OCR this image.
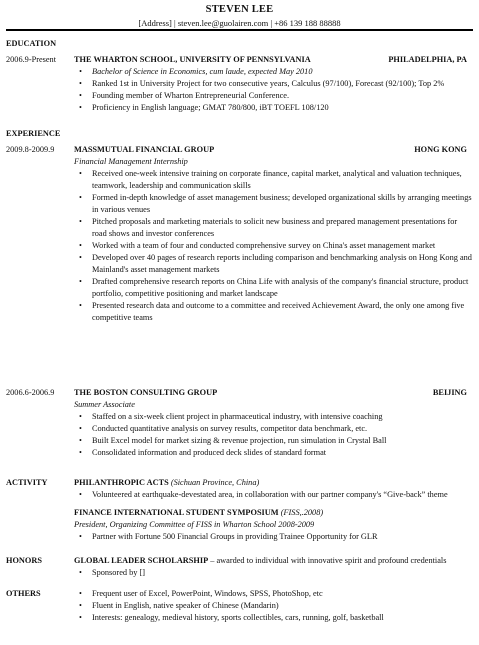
STEVEN LEE
[Address] | steven.lee@guolairen.com | +86 139 188 88888
EDUCATION
2006.9-Present	THE WHARTON SCHOOL, UNIVERSITY OF PENNSYLVANIA	PHILADELPHIA, PA
• Bachelor of Science in Economics, cum laude, expected May 2010
• Ranked 1st in University Project for two consecutive years, Calculus (97/100), Forecast (92/100); Top 2%
• Founding member of Wharton Entrepreneurial Conference.
• Proficiency in English language; GMAT 780/800, iBT TOEFL 108/120
EXPERIENCE
2009.8-2009.9	MASSMUTUAL FINANCIAL GROUP	HONG KONG
Financial Management Internship
• Received one-week intensive training on corporate finance, capital market, analytical and valuation techniques, teamwork, leadership and communication skills
• Formed in-depth knowledge of asset management business; developed organizational skills by arranging meetings in various venues
• Pitched proposals and marketing materials to solicit new business and prepared management presentations for road shows and investor conferences
• Worked with a team of four and conducted comprehensive survey on China's asset management market
• Developed over 40 pages of research reports including comparison and benchmarking analysis on Hong Kong and Mainland's asset management markets
• Drafted comprehensive research reports on China Life with analysis of the company's financial structure, product portfolio, competitive positioning and market landscape
• Presented research data and outcome to a committee and received Achievement Award, the only one among five competitive teams
2006.6-2006.9	THE BOSTON CONSULTING GROUP	BEIJING
Summer Associate
• Staffed on a six-week client project in pharmaceutical industry, with intensive coaching
• Conducted quantitative analysis on survey results, competitor data benchmark, etc.
• Built Excel model for market sizing & revenue projection, run simulation in Crystal Ball
• Consolidated information and produced deck slides of standard format
ACTIVITY	PHILANTHROPIC ACTS (Sichuan Province, China)
• Volunteered at earthquake-devestated area, in collaboration with our partner company's “Give-back” theme
FINANCE INTERNATIONAL STUDENT SYMPOSIUM (FISS,.2008)
President, Organizing Committee of FISS in Wharton School 2008-2009
• Partner with Fortune 500 Financial Groups in providing Trainee Opportunity for GLR
HONORS	GLOBAL LEADER SCHOLARSHIP – awarded to individual with innovative spirit and profound credentials
• Sponsored by []
OTHERS
•	Frequent user of Excel, PowerPoint, Windows, SPSS, PhotoShop, etc
• Fluent in English, native speaker of Chinese (Mandarin)
• Interests: genealogy, medieval history, sports collectibles, cars, running, golf, basketball
